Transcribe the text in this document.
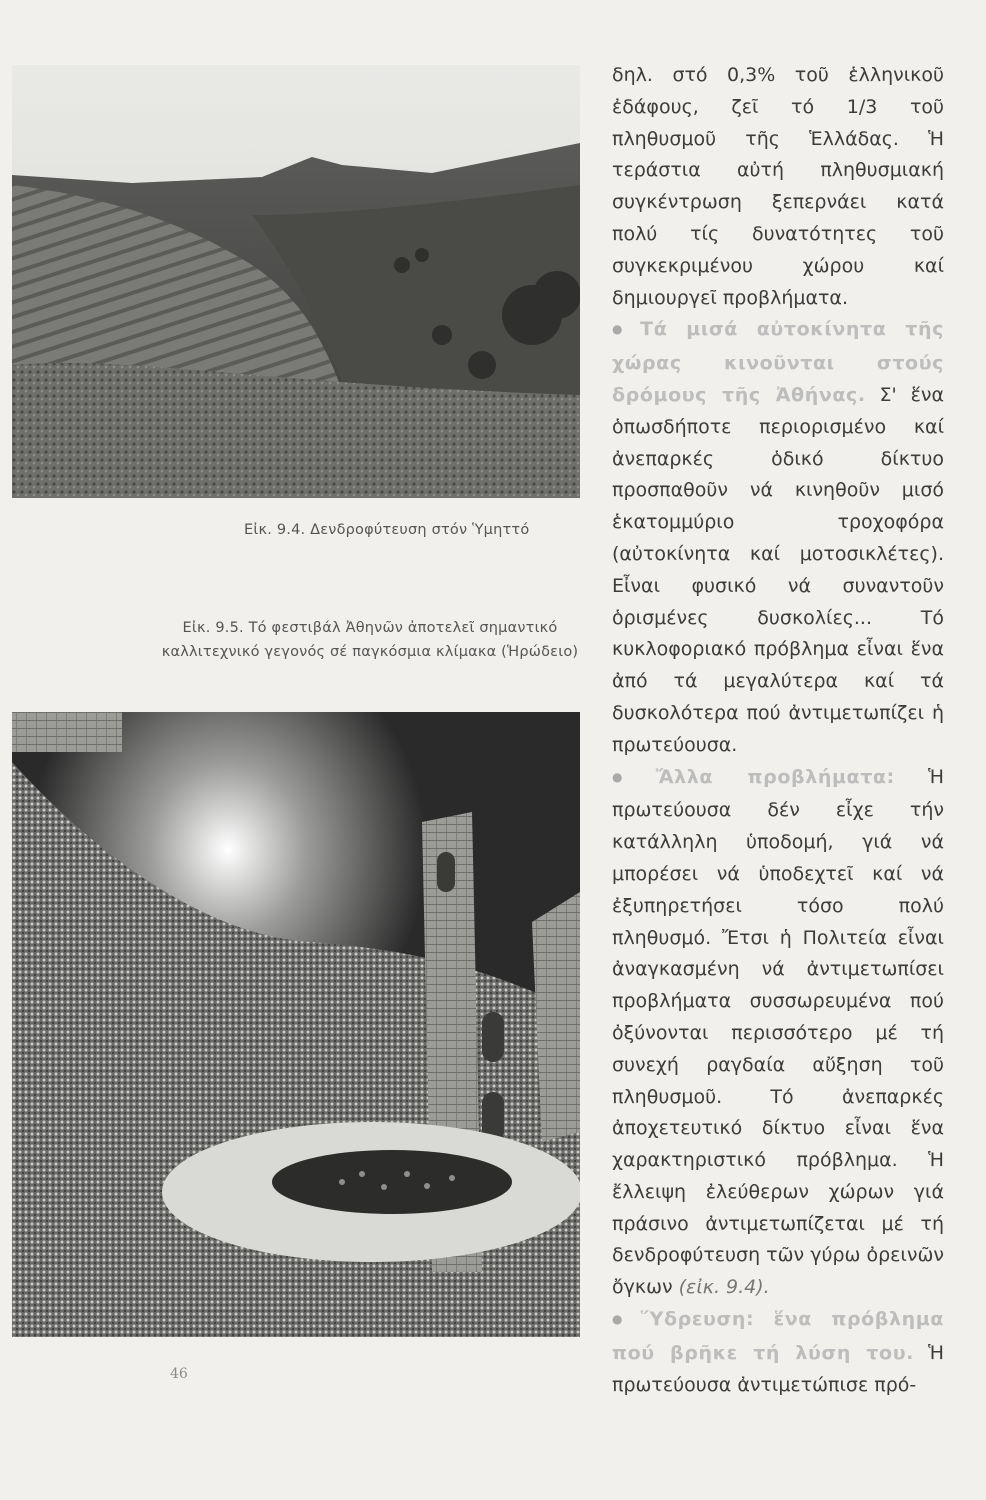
Εἰκ. 9.4. Δενδροφύτευση στόν Ὑμηττό
Εἰκ. 9.5. Τό φεστιβάλ Ἀθηνῶν ἀποτελεῖ σημαντικό καλλιτεχνικό γεγονός σέ παγκόσμια κλίμακα (Ἡρώδειο)

δηλ. στό 0,3% τοῦ ἑλληνικοῦ ἐδάφους, ζεῖ τό 1/3 τοῦ πληθυσμοῦ τῆς Ἑλλάδας. Ἡ τεράστια αὐτή πληθυσμιακή συγκέντρωση ξεπερνάει κατά πολύ τίς δυνατότητες τοῦ συγκεκριμένου χώρου καί δημιουργεῖ προβλήματα.

● Τά μισά αὐτοκίνητα τῆς χώρας κινοῦνται στούς δρόμους τῆς Ἀθήνας. Σ' ἕνα ὁπωσδήποτε περιορισμένο καί ἀνεπαρκές ὁδικό δίκτυο προσπαθοῦν νά κινηθοῦν μισό ἑκατομμύριο τροχοφόρα (αὐτοκίνητα καί μοτοσικλέτες). Εἶναι φυσικό νά συναντοῦν ὁρισμένες δυσκολίες... Τό κυκλοφοριακό πρόβλημα εἶναι ἕνα ἀπό τά μεγαλύτερα καί τά δυσκολότερα πού ἀντιμετωπίζει ἡ πρωτεύουσα.
● Ἄλλα προβλήματα: Ἡ πρωτεύουσα δέν εἶχε τήν κατάλληλη ὑποδομή, γιά νά μπορέσει νά ὑποδεχτεῖ καί νά ἐξυπηρετήσει τόσο πολύ πληθυσμό. Ἔτσι ἡ Πολιτεία εἶναι ἀναγκασμένη νά ἀντιμετωπίσει προβλήματα συσσωρευμένα πού ὀξύνονται περισσότερο μέ τή συνεχή ραγδαία αὔξηση τοῦ πληθυσμοῦ. Τό ἀνεπαρκές ἀποχετευτικό δίκτυο εἶναι ἕνα χαρακτηριστικό πρόβλημα. Ἡ ἔλλειψη ἐλεύθερων χώρων γιά πράσινο ἀντιμετωπίζεται μέ τή δενδροφύτευση τῶν γύρω ὀρεινῶν ὄγκων (εἰκ. 9.4).
● Ὕδρευση: ἕνα πρόβλημα πού βρῆκε τή λύση του. Ἡ πρωτεύουσα ἀντιμετώπισε πρό-
46
